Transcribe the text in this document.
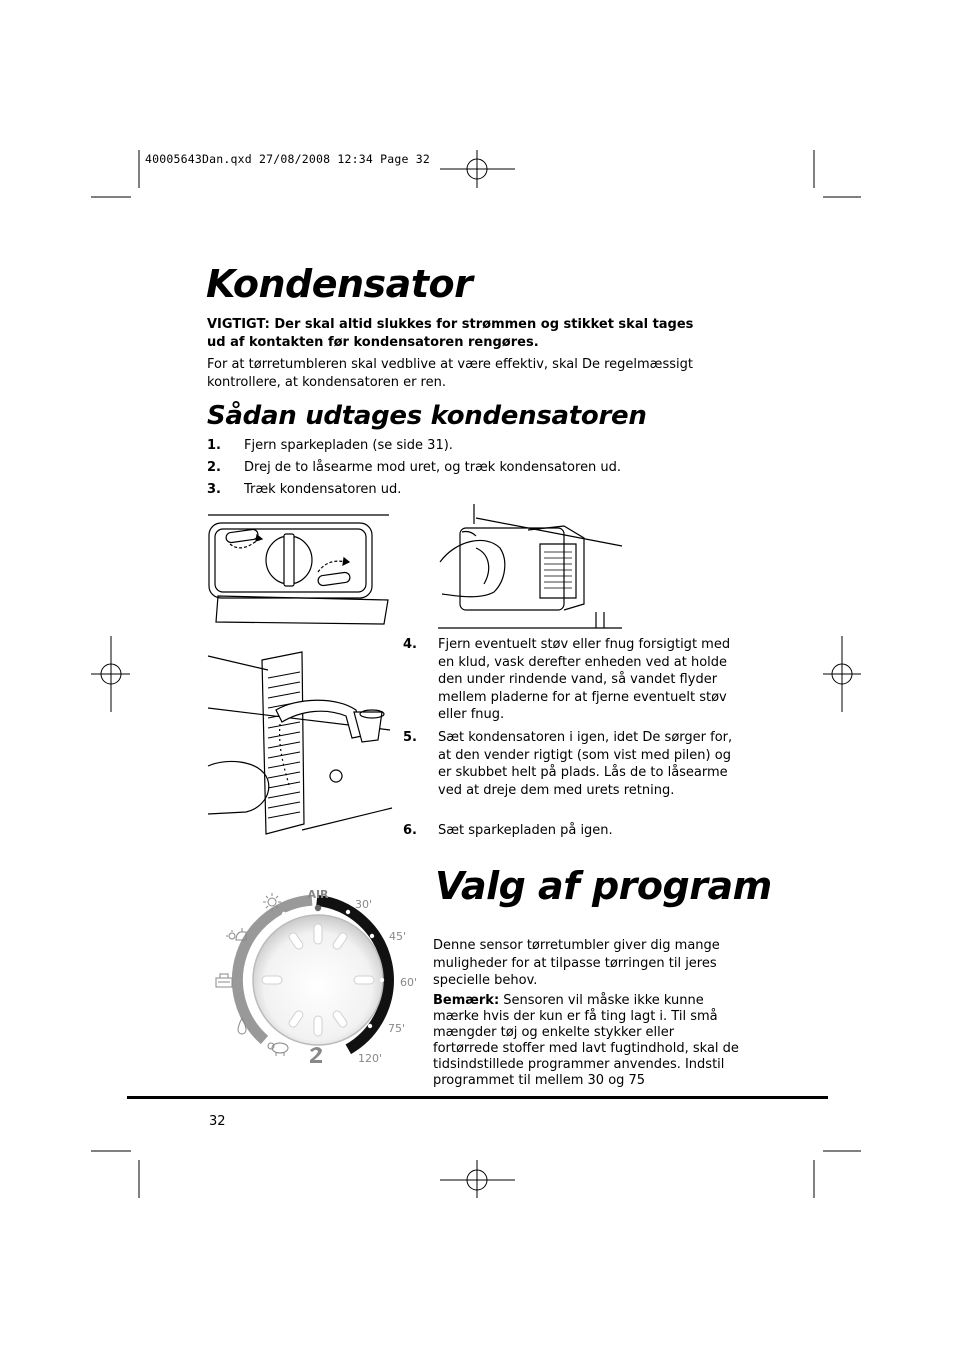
40005643Dan.qxd 27/08/2008 12:34 Page 32
Kondensator

VIGTIGT: Der skal altid slukkes for strømmen og stikket skal tages ud af kontakten før kondensatoren rengøres.

For at tørretumbleren skal vedblive at være effektiv, skal De regelmæssigt kontrollere, at kondensatoren er ren.

Sådan udtages kondensatoren
1. Fjern sparkepladen (se side 31).
2. Drej de to låsearme mod uret, og træk kondensatoren ud.
3. Træk kondensatoren ud.
4. Fjern eventuelt støv eller fnug forsigtigt med en klud, vask derefter enheden ved at holde den under rindende vand, så vandet flyder mellem pladerne for at fjerne eventuelt støv eller fnug.
5. Sæt kondensatoren i igen, idet De sørger for, at den vender rigtigt (som vist med pilen) og er skubbet helt på plads. Lås de to låsearme ved at dreje dem med urets retning.
6. Sæt sparkepladen på igen.
AIR
30'
45'
60'
75'
120'
Valg af program

Denne sensor tørretumbler giver dig mange muligheder for at tilpasse tørringen til jeres specielle behov.

Bemærk: Sensoren vil måske ikke kunne mærke hvis der kun er få ting lagt i. Til små mængder tøj og enkelte stykker eller fortørrede stoffer med lavt fugtindhold, skal de tidsindstillede programmer anvendes. Indstil programmet til mellem 30 og 75

32
